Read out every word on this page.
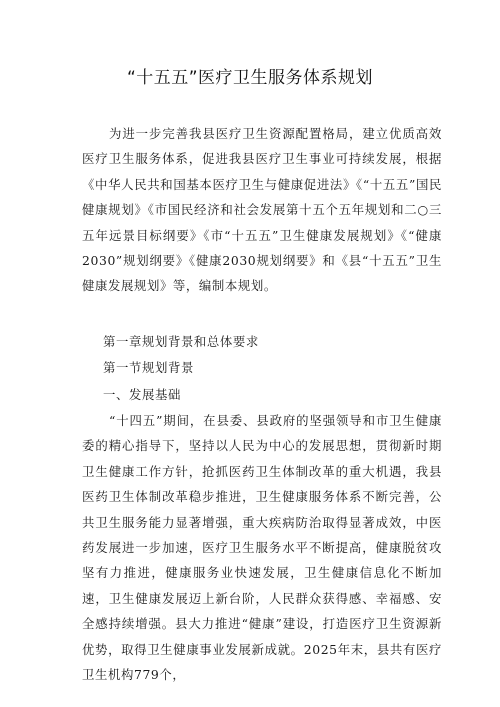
“十五五”医疗卫生服务体系规划

为进一步完善我县医疗卫生资源配置格局，建立优质高效医疗卫生服务体系，促进我县医疗卫生事业可持续发展，根据《中华人民共和国基本医疗卫生与健康促进法》《“十五五”国民健康规划》《市国民经济和社会发展第十五个五年规划和二○三五年远景目标纲要》《市“十五五”卫生健康发展规划》《“健康2030”规划纲要》《健康2030规划纲要》和《县“十五五”卫生健康发展规划》等，编制本规划。

第一章规划背景和总体要求

第一节规划背景

一、发展基础

“十四五”期间，在县委、县政府的坚强领导和市卫生健康委的精心指导下，坚持以人民为中心的发展思想，贯彻新时期卫生健康工作方针，抢抓医药卫生体制改革的重大机遇，我县医药卫生体制改革稳步推进，卫生健康服务体系不断完善，公共卫生服务能力显著增强，重大疾病防治取得显著成效，中医药发展进一步加速，医疗卫生服务水平不断提高，健康脱贫攻坚有力推进，健康服务业快速发展，卫生健康信息化不断加速，卫生健康发展迈上新台阶，人民群众获得感、幸福感、安全感持续增强。县大力推进“健康”建设，打造医疗卫生资源新优势，取得卫生健康事业发展新成就。2025年末，县共有医疗卫生机构779个，
